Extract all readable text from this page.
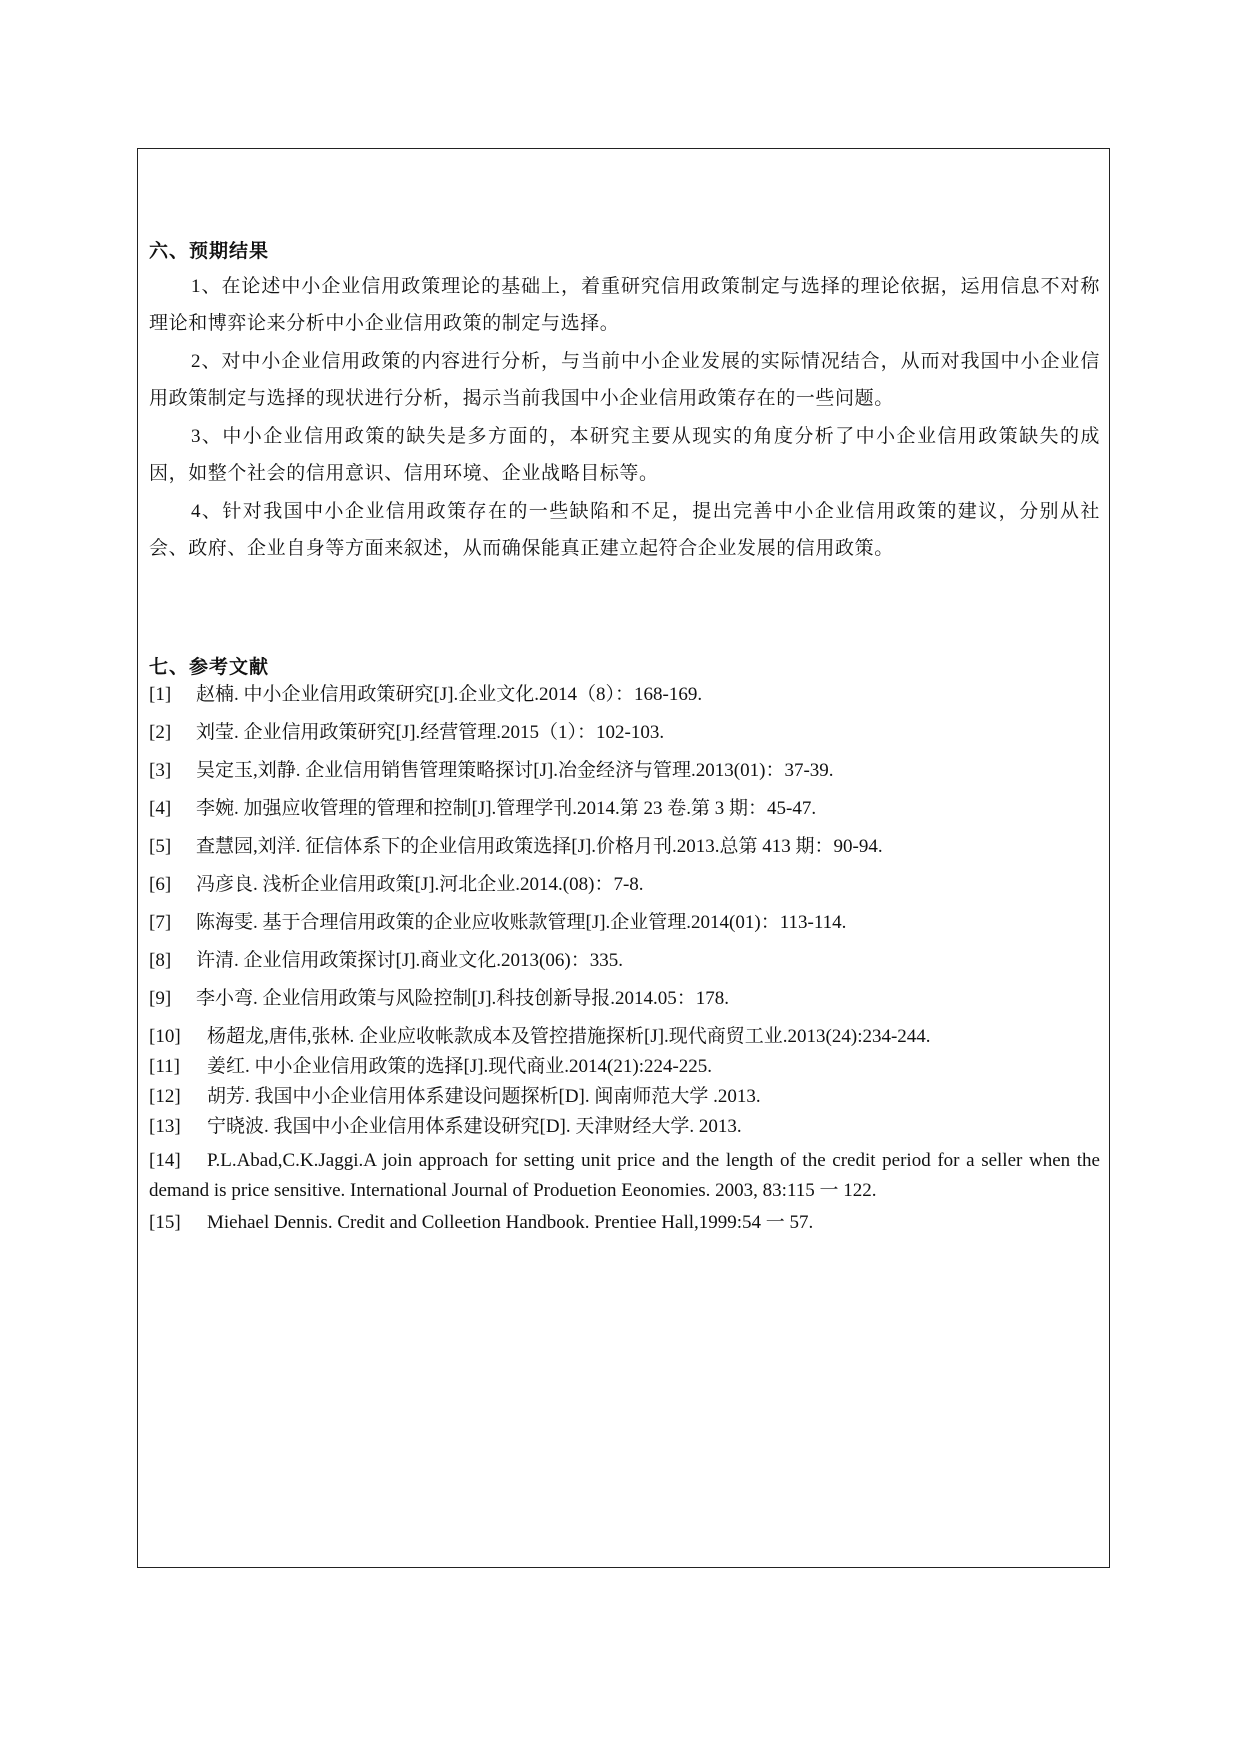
六、预期结果

1、在论述中小企业信用政策理论的基础上，着重研究信用政策制定与选择的理论依据，运用信息不对称理论和博弈论来分析中小企业信用政策的制定与选择。

2、对中小企业信用政策的内容进行分析，与当前中小企业发展的实际情况结合，从而对我国中小企业信用政策制定与选择的现状进行分析，揭示当前我国中小企业信用政策存在的一些问题。

3、中小企业信用政策的缺失是多方面的，本研究主要从现实的角度分析了中小企业信用政策缺失的成因，如整个社会的信用意识、信用环境、企业战略目标等。

4、针对我国中小企业信用政策存在的一些缺陷和不足，提出完善中小企业信用政策的建议，分别从社会、政府、企业自身等方面来叙述，从而确保能真正建立起符合企业发展的信用政策。

七、参考文献
[1]	赵楠. 中小企业信用政策研究[J].企业文化.2014（8）：168-169.
[2]	刘莹. 企业信用政策研究[J].经营管理.2015（1）：102-103.
[3]	吴定玉,刘静. 企业信用销售管理策略探讨[J].冶金经济与管理.2013(01)：37-39.
[4]	李婉. 加强应收管理的管理和控制[J].管理学刊.2014.第 23 卷.第 3 期：45-47.
[5]	查慧园,刘洋. 征信体系下的企业信用政策选择[J].价格月刊.2013.总第 413 期：90-94.
[6]	冯彦良. 浅析企业信用政策[J].河北企业.2014.(08)：7-8.
[7]	陈海雯. 基于合理信用政策的企业应收账款管理[J].企业管理.2014(01)：113-114.
[8]	许清. 企业信用政策探讨[J].商业文化.2013(06)：335.
[9]	李小弯. 企业信用政策与风险控制[J].科技创新导报.2014.05：178.
[10]	杨超龙,唐伟,张林. 企业应收帐款成本及管控措施探析[J].现代商贸工业.2013(24):234-244.
[11]	姜红. 中小企业信用政策的选择[J].现代商业.2014(21):224-225.
[12]	胡芳. 我国中小企业信用体系建设问题探析[D]. 闽南师范大学 .2013.
[13]	宁晓波. 我国中小企业信用体系建设研究[D]. 天津财经大学. 2013.
[14] P.L.Abad,C.K.Jaggi.A join approach for setting unit price and the length of the credit period for a seller when the demand is price sensitive. International Journal of Produetion Eeonomies. 2003, 83:115 一 122.
[15] Miehael Dennis. Credit and Colleetion Handbook. Prentiee Hall,1999:54 一 57.
